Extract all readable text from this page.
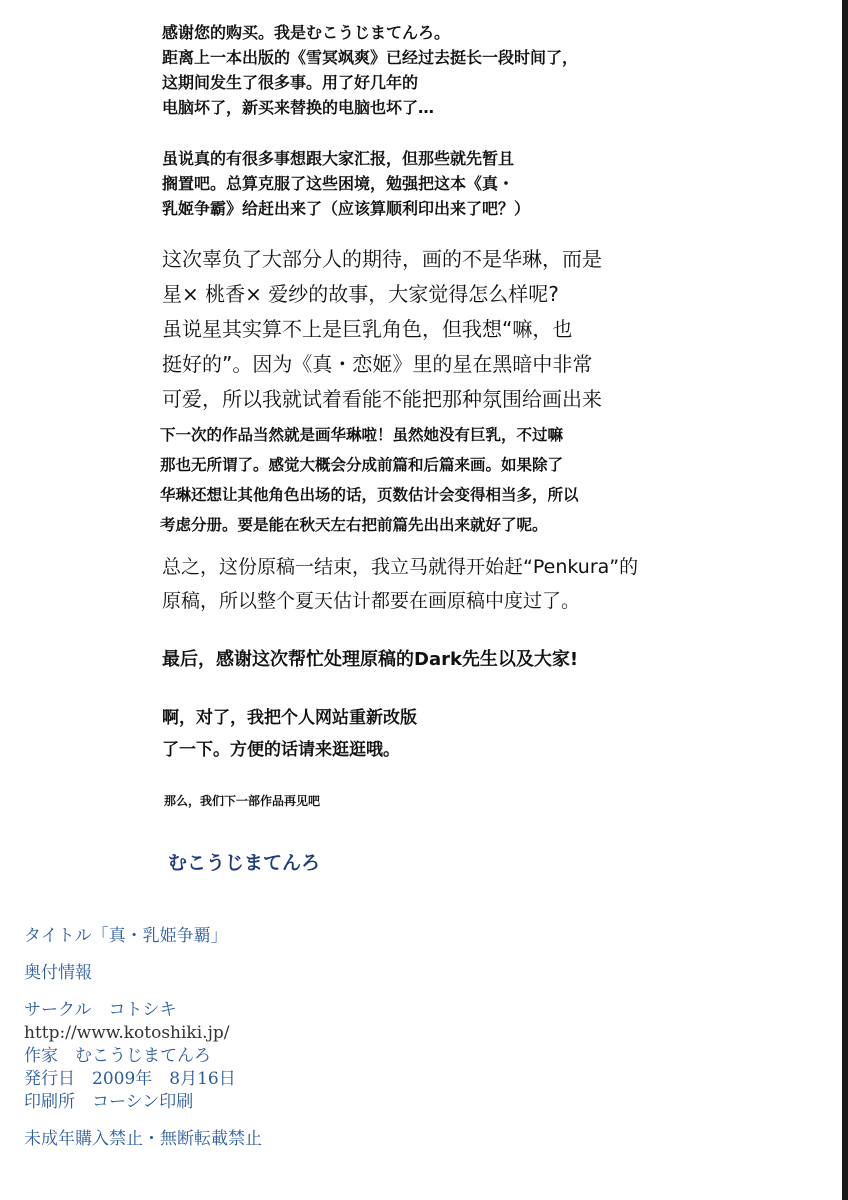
感谢您的购买。我是むこうじまてんろ。
距离上一本出版的《雪冥飒爽》已经过去挺长一段时间了，
这期间发生了很多事。用了好几年的
电脑坏了，新买来替换的电脑也坏了…
虽说真的有很多事想跟大家汇报，但那些就先暂且
搁置吧。总算克服了这些困境，勉强把这本《真・
乳姬争霸》给赶出来了（应该算顺利印出来了吧？）
这次辜负了大部分人的期待，画的不是华琳，而是
星× 桃香× 爱纱的故事，大家觉得怎么样呢?
虽说星其实算不上是巨乳角色，但我想“嘛，也
挺好的”。因为《真・恋姬》里的星在黑暗中非常
可爱，所以我就试着看能不能把那种氛围给画出来
下一次的作品当然就是画华琳啦！虽然她没有巨乳，不过嘛
那也无所谓了。感觉大概会分成前篇和后篇来画。如果除了
华琳还想让其他角色出场的话，页数估计会变得相当多，所以
考虑分册。要是能在秋天左右把前篇先出出来就好了呢。
总之，这份原稿一结束，我立马就得开始赶“Penkura”的
原稿，所以整个夏天估计都要在画原稿中度过了。
最后，感谢这次帮忙处理原稿的Dark先生以及大家!
啊，对了，我把个人网站重新改版
了一下。方便的话请来逛逛哦。
那么，我们下一部作品再见吧
むこうじまてんろ
タイトル「真・乳姫争覇」
奥付情報
サークル　コトシキ
http://www.kotoshiki.jp/
作家　むこうじまてんろ
発行日　2009年　8月16日
印刷所　コーシン印刷
未成年購入禁止・無断転載禁止
